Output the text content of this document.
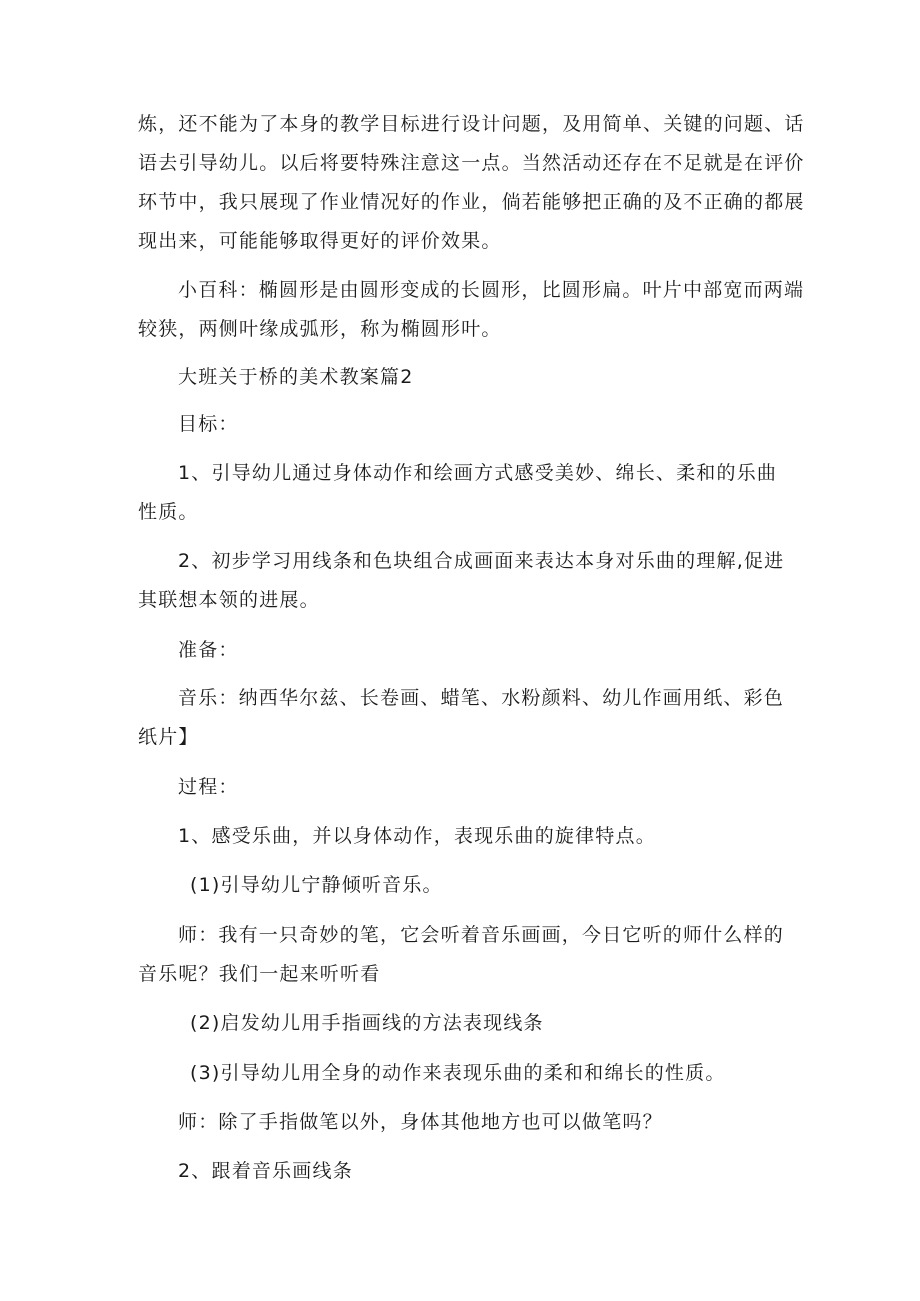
炼，还不能为了本身的教学目标进行设计问题，及用简单、关键的问题、话
语去引导幼儿。以后将要特殊注意这一点。当然活动还存在不足就是在评价
环节中，我只展现了作业情况好的作业，倘若能够把正确的及不正确的都展
现出来，可能能够取得更好的评价效果。
小百科：椭圆形是由圆形变成的长圆形，比圆形扁。叶片中部宽而两端
较狭，两侧叶缘成弧形，称为椭圆形叶。
大班关于桥的美术教案篇2
目标：
1、引导幼儿通过身体动作和绘画方式感受美妙、绵长、柔和的乐曲
性质。
2、初步学习用线条和色块组合成画面来表达本身对乐曲的理解,促进
其联想本领的进展。
准备：
音乐：纳西华尔兹、长卷画、蜡笔、水粉颜料、幼儿作画用纸、彩色
纸片】
过程：
1、感受乐曲，并以身体动作，表现乐曲的旋律特点。
(1)引导幼儿宁静倾听音乐。
师：我有一只奇妙的笔，它会听着音乐画画，今日它听的师什么样的
音乐呢？我们一起来听听看
(2)启发幼儿用手指画线的方法表现线条
(3)引导幼儿用全身的动作来表现乐曲的柔和和绵长的性质。
师：除了手指做笔以外，身体其他地方也可以做笔吗？
2、跟着音乐画线条
